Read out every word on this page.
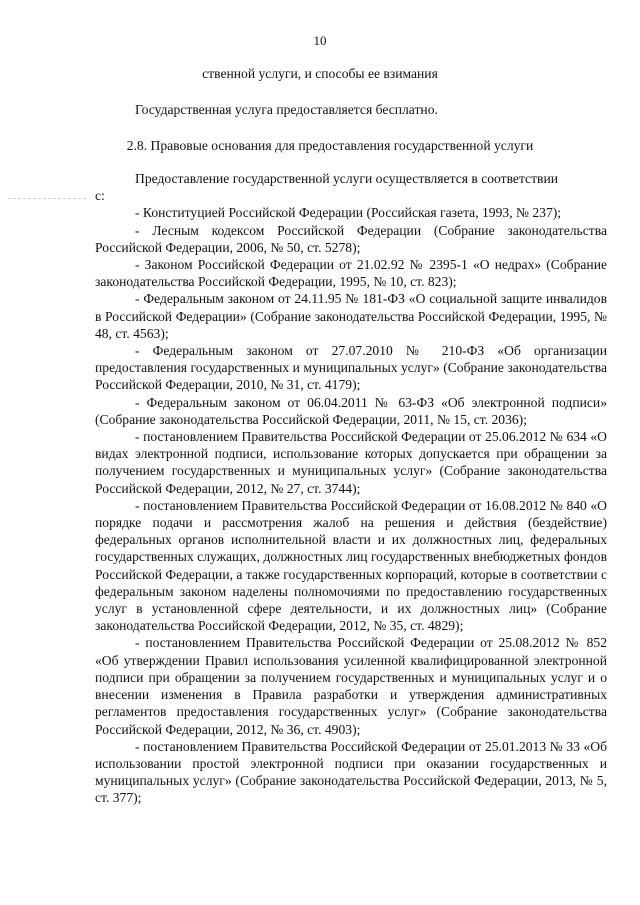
10
ственной услуги, и способы ее взимания

Государственная услуга предоставляется бесплатно.

2.8. Правовые основания для предоставления государственной услуги

Предоставление государственной услуги осуществляется в соответствии

с:

- Конституцией Российской Федерации (Российская газета, 1993, № 237);

- Лесным кодексом Российской Федерации (Собрание законодательства Российской Федерации, 2006, № 50, ст. 5278);

- Законом Российской Федерации от 21.02.92 № 2395-1 «О недрах» (Собрание законодательства Российской Федерации, 1995, № 10, ст. 823);

- Федеральным законом от 24.11.95 № 181-ФЗ «О социальной защите инвалидов в Российской Федерации» (Собрание законодательства Российской Федерации, 1995, № 48, ст. 4563);

- Федеральным законом от 27.07.2010 № 210-ФЗ «Об организации предоставления государственных и муниципальных услуг» (Собрание законодательства Российской Федерации, 2010, № 31, ст. 4179);

- Федеральным законом от 06.04.2011 № 63-ФЗ «Об электронной подписи» (Собрание законодательства Российской Федерации, 2011, № 15, ст. 2036);

- постановлением Правительства Российской Федерации от 25.06.2012 № 634 «О видах электронной подписи, использование которых допускается при обращении за получением государственных и муниципальных услуг» (Собрание законодательства Российской Федерации, 2012, № 27, ст. 3744);

- постановлением Правительства Российской Федерации от 16.08.2012 № 840 «О порядке подачи и рассмотрения жалоб на решения и действия (бездействие) федеральных органов исполнительной власти и их должностных лиц, федеральных государственных служащих, должностных лиц государственных внебюджетных фондов Российской Федерации, а также государственных корпораций, которые в соответствии с федеральным законом наделены полномочиями по предоставлению государственных услуг в установленной сфере деятельности, и их должностных лиц» (Собрание законодательства Российской Федерации, 2012, № 35, ст. 4829);

- постановлением Правительства Российской Федерации от 25.08.2012 № 852 «Об утверждении Правил использования усиленной квалифицированной электронной подписи при обращении за получением государственных и муниципальных услуг и о внесении изменения в Правила разработки и утверждения административных регламентов предоставления государственных услуг» (Собрание законодательства Российской Федерации, 2012, № 36, ст. 4903);

- постановлением Правительства Российской Федерации от 25.01.2013 № 33 «Об использовании простой электронной подписи при оказании государственных и муниципальных услуг» (Собрание законодательства Российской Федерации, 2013, № 5, ст. 377);
